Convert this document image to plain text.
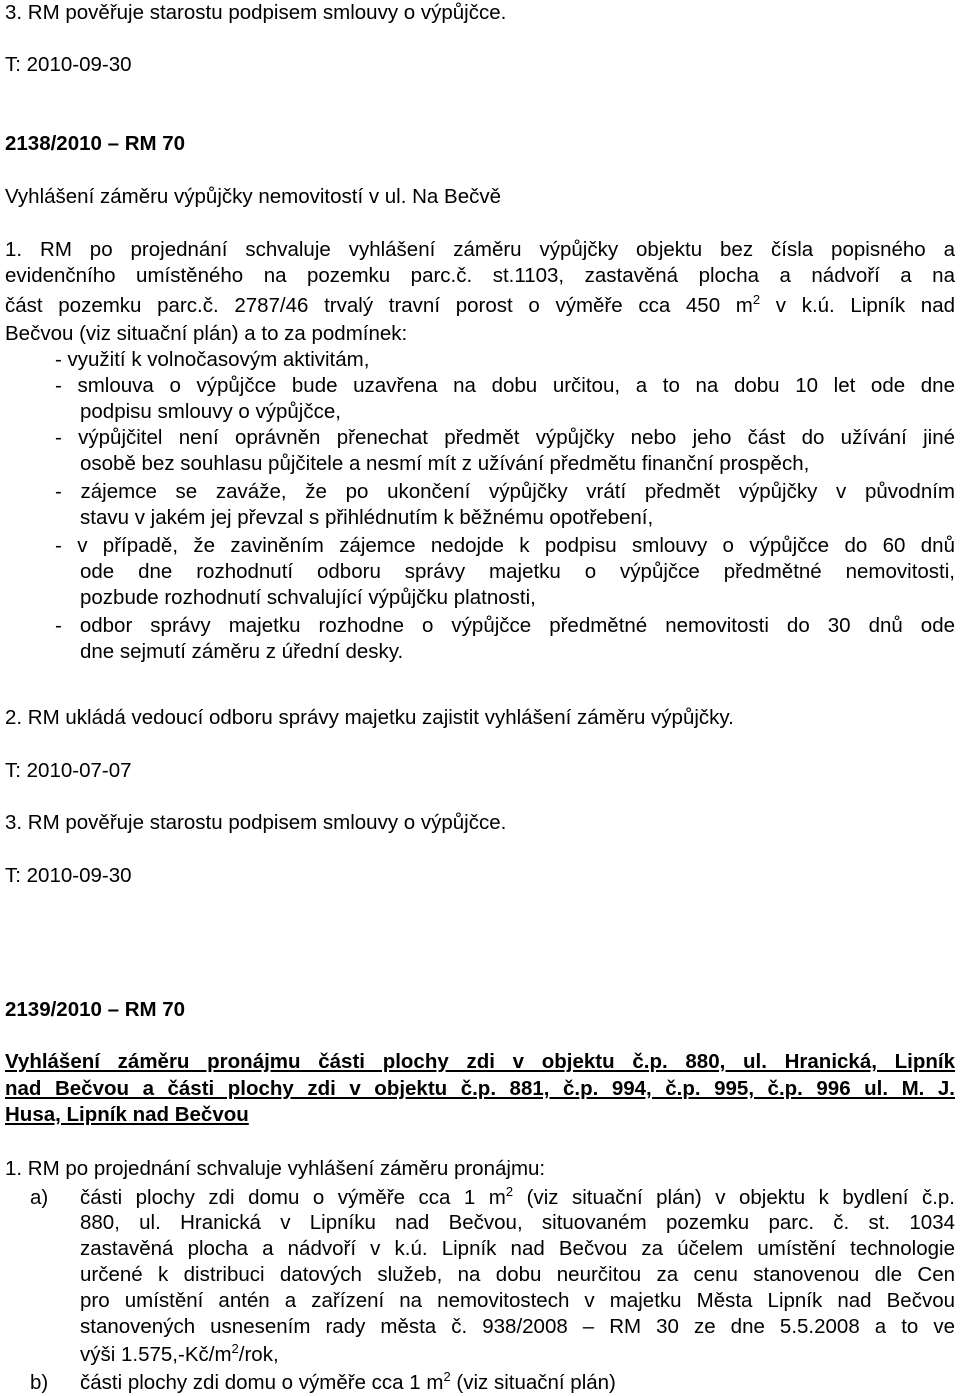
3. RM pověřuje starostu podpisem smlouvy o výpůjčce.
T: 2010-09-30
2138/2010 – RM 70
Vyhlášení záměru výpůjčky nemovitostí v ul. Na Bečvě
1. RM po projednání schvaluje vyhlášení záměru výpůjčky objektu bez čísla popisného a
evidenčního umístěného na pozemku parc.č. st.1103, zastavěná plocha a nádvoří a na
část pozemku parc.č. 2787/46 trvalý travní porost o výměře cca 450 $m^2$ v k.ú. Lipník nad
Bečvou (viz situační plán) a to za podmínek:
- využití k volnočasovým aktivitám,
- smlouva o výpůjčce bude uzavřena na dobu určitou, a to na dobu 10 let ode dne
podpisu smlouvy o výpůjčce,
- výpůjčitel není oprávněn přenechat předmět výpůjčky nebo jeho část do užívání jiné
osobě bez souhlasu půjčitele a nesmí mít z užívání předmětu finanční prospěch,
- zájemce se zaváže, že po ukončení výpůjčky vrátí předmět výpůjčky v původním
stavu v jakém jej převzal s přihlédnutím k běžnému opotřebení,
- v případě, že zaviněním zájemce nedojde k podpisu smlouvy o výpůjčce do 60 dnů
ode dne rozhodnutí odboru správy majetku o výpůjčce předmětné nemovitosti,
pozbude rozhodnutí schvalující výpůjčku platnosti,
- odbor správy majetku rozhodne o výpůjčce předmětné nemovitosti do 30 dnů ode
dne sejmutí záměru z úřední desky.
2. RM ukládá vedoucí odboru správy majetku zajistit vyhlášení záměru výpůjčky.
T: 2010-07-07
3. RM pověřuje starostu podpisem smlouvy o výpůjčce.
T: 2010-09-30
2139/2010 – RM 70
Vyhlášení záměru pronájmu části plochy zdi v objektu č.p. 880, ul. Hranická, Lipník
nad Bečvou a části plochy zdi v objektu č.p. 881, č.p. 994, č.p. 995, č.p. 996 ul. M. J.
Husa, Lipník nad Bečvou
1. RM po projednání schvaluje vyhlášení záměru pronájmu:
a) části plochy zdi domu o výměře cca 1 $m^2$ (viz situační plán) v objektu k bydlení č.p.
880, ul. Hranická v Lipníku nad Bečvou, situovaném pozemku parc. č. st. 1034
zastavěná plocha a nádvoří v k.ú. Lipník nad Bečvou za účelem umístění technologie
určené k distribuci datových služeb, na dobu neurčitou za cenu stanovenou dle Cen
pro umístění antén a zařízení na nemovitostech v majetku Města Lipník nad Bečvou
stanovených usnesením rady města č. 938/2008 – RM 30 ze dne 5.5.2008 a to ve
výši $1.575,-Kč/m^2$/rok,
b) části plochy zdi domu o výměře cca 1 $m^2$ (viz situační plán)
